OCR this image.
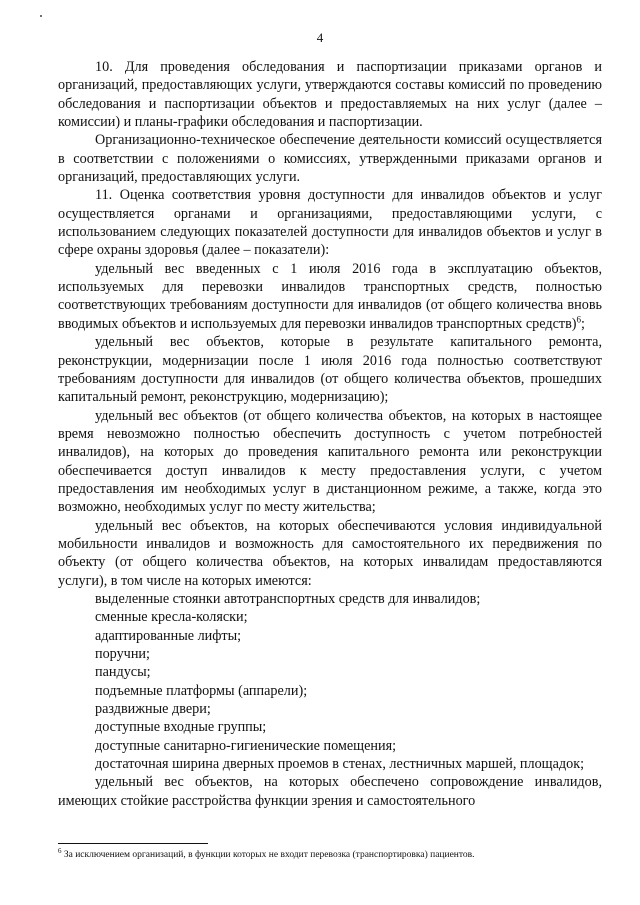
4

10. Для проведения обследования и паспортизации приказами органов и организаций, предоставляющих услуги, утверждаются составы комиссий по проведению обследования и паспортизации объектов и предоставляемых на них услуг (далее – комиссии) и планы-графики обследования и паспортизации.

Организационно-техническое обеспечение деятельности комиссий осуществляется в соответствии с положениями о комиссиях, утвержденными приказами органов и организаций, предоставляющих услуги.

11. Оценка соответствия уровня доступности для инвалидов объектов и услуг осуществляется органами и организациями, предоставляющими услуги, с использованием следующих показателей доступности для инвалидов объектов и услуг в сфере охраны здоровья (далее – показатели):

удельный вес введенных с 1 июля 2016 года в эксплуатацию объектов, используемых для перевозки инвалидов транспортных средств, полностью соответствующих требованиям доступности для инвалидов (от общего количества вновь вводимых объектов и используемых для перевозки инвалидов транспортных средств)$^6$;

удельный вес объектов, которые в результате капитального ремонта, реконструкции, модернизации после 1 июля 2016 года полностью соответствуют требованиям доступности для инвалидов (от общего количества объектов, прошедших капитальный ремонт, реконструкцию, модернизацию);

удельный вес объектов (от общего количества объектов, на которых в настоящее время невозможно полностью обеспечить доступность с учетом потребностей инвалидов), на которых до проведения капитального ремонта или реконструкции обеспечивается доступ инвалидов к месту предоставления услуги, с учетом предоставления им необходимых услуг в дистанционном режиме, а также, когда это возможно, необходимых услуг по месту жительства;

удельный вес объектов, на которых обеспечиваются условия индивидуальной мобильности инвалидов и возможность для самостоятельного их передвижения по объекту (от общего количества объектов, на которых инвалидам предоставляются услуги), в том числе на которых имеются:

выделенные стоянки автотранспортных средств для инвалидов;

сменные кресла-коляски;

адаптированные лифты;

поручни;

пандусы;

подъемные платформы (аппарели);

раздвижные двери;

доступные входные группы;

доступные санитарно-гигиенические помещения;

достаточная ширина дверных проемов в стенах, лестничных маршей, площадок;

удельный вес объектов, на которых обеспечено сопровождение инвалидов, имеющих стойкие расстройства функции зрения и самостоятельного

$^6$ За исключением организаций, в функции которых не входит перевозка (транспортировка) пациентов.
